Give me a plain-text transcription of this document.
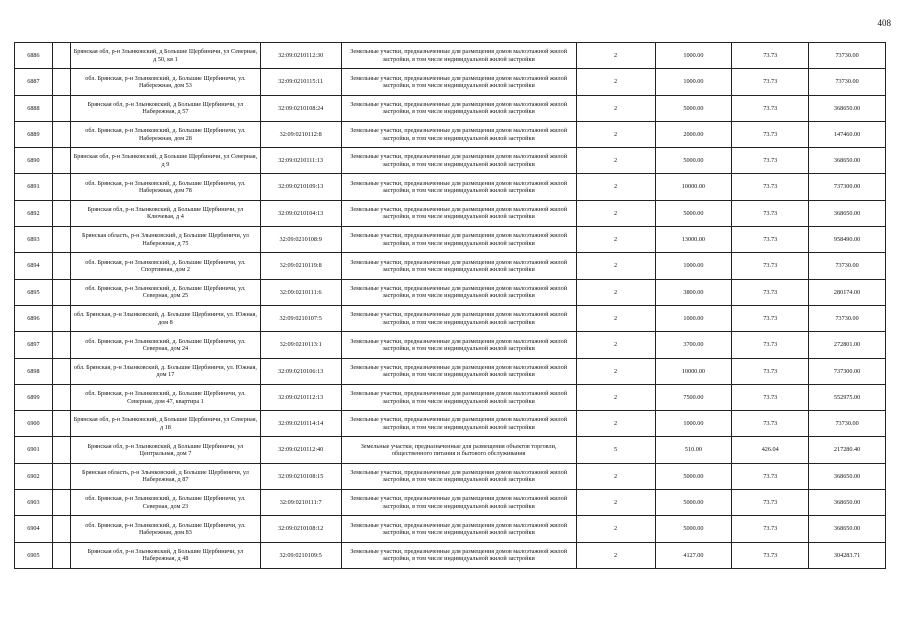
408
6886		Брянская обл, р-н Злынковский, д Большие Щербиничи, ул Северная, д 50, кв 1	32:09:0210112:30	Земельные участки, предназначенные для размещения домов малоэтажной жилой застройки, в том числе индивидуальной жилой застройки	2	1000.00	73.73	73730.00
6887		обл. Брянская, р-н Злынковский, д. Большие Щербиничи, ул. Набережная, дом 53	32:09:0210115:11	Земельные участки, предназначенные для размещения домов малоэтажной жилой застройки, в том числе индивидуальной жилой застройки	2	1000.00	73.73	73730.00
6888		Брянская обл, р-н Злынковский, д Большие Щербиничи, ул Набережная, д 57	32:09:0210108:24	Земельные участки, предназначенные для размещения домов малоэтажной жилой застройки, в том числе индивидуальной жилой застройки	2	5000.00	73.73	368650.00
6889		обл. Брянская, р-н Злынковский, д. Большие Щербиничи, ул. Набережная, дом 28	32:09:0210112:8	Земельные участки, предназначенные для размещения домов малоэтажной жилой застройки, в том числе индивидуальной жилой застройки	2	2000.00	73.73	147460.00
6890		Брянская обл, р-н Злынковский, д Большие Щербиничи, ул Северная, д 9	32:09:0210111:13	Земельные участки, предназначенные для размещения домов малоэтажной жилой застройки, в том числе индивидуальной жилой застройки	2	5000.00	73.73	368650.00
6891		обл. Брянская, р-н Злынковский, д. Большие Щербиничи, ул. Набережная, дом 78	32:09:0210109:13	Земельные участки, предназначенные для размещения домов малоэтажной жилой застройки, в том числе индивидуальной жилой застройки	2	10000.00	73.73	737300.00
6892		Брянская обл, р-н Злынковский, д Большие Щербиничи, ул Ключевая, д 4	32:09:0210104:13	Земельные участки, предназначенные для размещения домов малоэтажной жилой застройки, в том числе индивидуальной жилой застройки	2	5000.00	73.73	368650.00
6893		Брянская область, р-н Злынковский, д Большие Щербиничи, ул Набережная, д 75	32:09:0210108:9	Земельные участки, предназначенные для размещения домов малоэтажной жилой застройки, в том числе индивидуальной жилой застройки	2	13000.00	73.73	958490.00
6894		обл. Брянская, р-н Злынковский, д. Большие Щербиничи, ул. Спортивная, дом 2	32:09:0210119:8	Земельные участки, предназначенные для размещения домов малоэтажной жилой застройки, в том числе индивидуальной жилой застройки	2	1000.00	73.73	73730.00
6895		обл. Брянская, р-н Злынковский, д. Большие Щербиничи, ул. Северная, дом 25	32:09:0210111:6	Земельные участки, предназначенные для размещения домов малоэтажной жилой застройки, в том числе индивидуальной жилой застройки	2	3800.00	73.73	280174.00
6896		обл. Брянская, р-н Злынковский, д. Большие Щербиничи, ул. Южная, дом 8	32:09:0210107:5	Земельные участки, предназначенные для размещения домов малоэтажной жилой застройки, в том числе индивидуальной жилой застройки	2	1000.00	73.73	73730.00
6897		обл. Брянская, р-н Злынковский, д. Большие Щербиничи, ул. Северная, дом 24	32:09:0210113:1	Земельные участки, предназначенные для размещения домов малоэтажной жилой застройки, в том числе индивидуальной жилой застройки	2	3700.00	73.73	272801.00
6898		обл. Брянская, р-н Злынковский, д. Большие Щербиничи, ул. Южная, дом 17	32:09:0210106:13	Земельные участки, предназначенные для размещения домов малоэтажной жилой застройки, в том числе индивидуальной жилой застройки	2	10000.00	73.73	737300.00
6899		обл. Брянская, р-н Злынковский, д. Большие Щербиничи, ул. Северная, дом 47, квартира 1	32:09:0210112:13	Земельные участки, предназначенные для размещения домов малоэтажной жилой застройки, в том числе индивидуальной жилой застройки	2	7500.00	73.73	552975.00
6900		Брянская обл, р-н Злынковский, д Большие Щербиничи, ул Северная, д 18	32:09:0210114:14	Земельные участки, предназначенные для размещения домов малоэтажной жилой застройки, в том числе индивидуальной жилой застройки	2	1000.00	73.73	73730.00
6901		Брянская обл, р-н Злынковский, д Большие Щербиничи, ул Центральная, дом 7	32:09:0210112:40	Земельные участки, предназначенные для размещения объектов торговли, общественного питания и бытового обслуживания	5	510.00	426.04	217280.40
6902		Брянская область, р-н Злынковский, д Большие Щербиничи, ул Набережная, д 87	32:09:0210108:15	Земельные участки, предназначенные для размещения домов малоэтажной жилой застройки, в том числе индивидуальной жилой застройки	2	5000.00	73.73	368650.00
6903		обл. Брянская, р-н Злынковский, д. Большие Щербиничи, ул. Северная, дом 23	32:09:0210111:7	Земельные участки, предназначенные для размещения домов малоэтажной жилой застройки, в том числе индивидуальной жилой застройки	2	5000.00	73.73	368650.00
6904		обл. Брянская, р-н Злынковский, д. Большие Щербиничи, ул. Набережная, дом 83	32:09:0210108:12	Земельные участки, предназначенные для размещения домов малоэтажной жилой застройки, в том числе индивидуальной жилой застройки	2	5000.00	73.73	368650.00
6905		Брянская обл, р-н Злынковский, д Большие Щербиничи, ул Набережная, д 48	32:09:0210109:5	Земельные участки, предназначенные для размещения домов малоэтажной жилой застройки, в том числе индивидуальной жилой застройки	2	4127.00	73.73	304283.71
